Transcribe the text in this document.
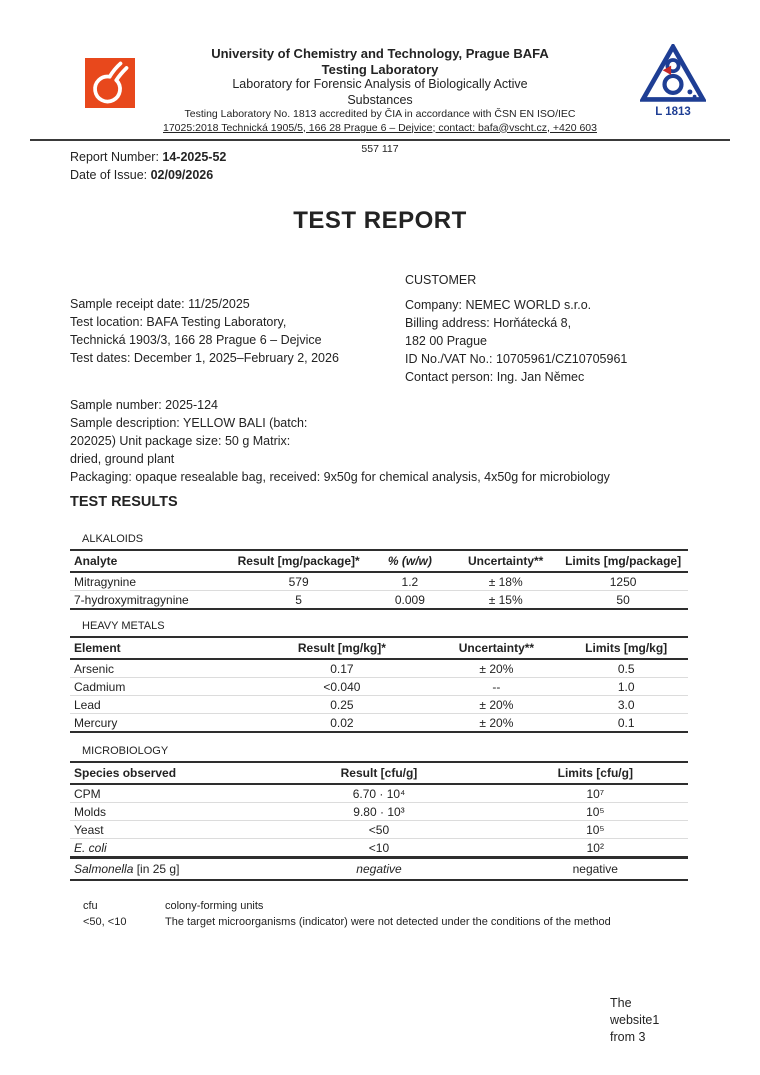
University of Chemistry and Technology, Prague BAFA
Testing Laboratory
Laboratory for Forensic Analysis of Biologically Active
Substances
Testing Laboratory No. 1813 accredited by ČIA in accordance with ČSN EN ISO/IEC
17025:2018 Technická 1905/5, 166 28 Prague 6 – Dejvice; contact: bafa@vscht.cz, +420 603
L 1813
557 117
Report Number: 14-2025-52
Date of Issue: 02/09/2026
TEST REPORT
Sample receipt date: 11/25/2025
Test location: BAFA Testing Laboratory,
Technická 1903/3, 166 28 Prague 6 – Dejvice
Test dates: December 1, 2025–February 2, 2026
CUSTOMER
Company: NEMEC WORLD s.r.o.
Billing address: Horňátecká 8,
182 00 Prague
ID No./VAT No.: 10705961/CZ10705961
Contact person: Ing. Jan Němec
Sample number: 2025-124
Sample description: YELLOW BALI (batch:
202025) Unit package size: 50 g Matrix:
dried, ground plant
Packaging: opaque resealable bag, received: 9x50g for chemical analysis, 4x50g for microbiology
TEST RESULTS
ALKALOIDS
Analyte	Result [mg/package]*	% (w/w)	Uncertainty**	Limits [mg/package]
Mitragynine	579	1.2	± 18%	1250
7-hydroxymitragynine	5	0.009	± 15%	50
HEAVY METALS
Element	Result [mg/kg]*	Uncertainty**	Limits [mg/kg]
Arsenic	0.17	± 20%	0.5
Cadmium	<0.040	--	1.0
Lead	0.25	± 20%	3.0
Mercury	0.02	± 20%	0.1
MICROBIOLOGY
Species observed	Result [cfu/g]	Limits [cfu/g]
CPM	6.70 · 10⁴	10⁷
Molds	9.80 · 10³	10⁵
Yeast	<50	10⁵
E. coli	<10	10²
Salmonella [in 25 g]	negative	negative
cfu	colony-forming units
<50, <10	The target microorganisms (indicator) were not detected under the conditions of the method
The
website1
from 3
